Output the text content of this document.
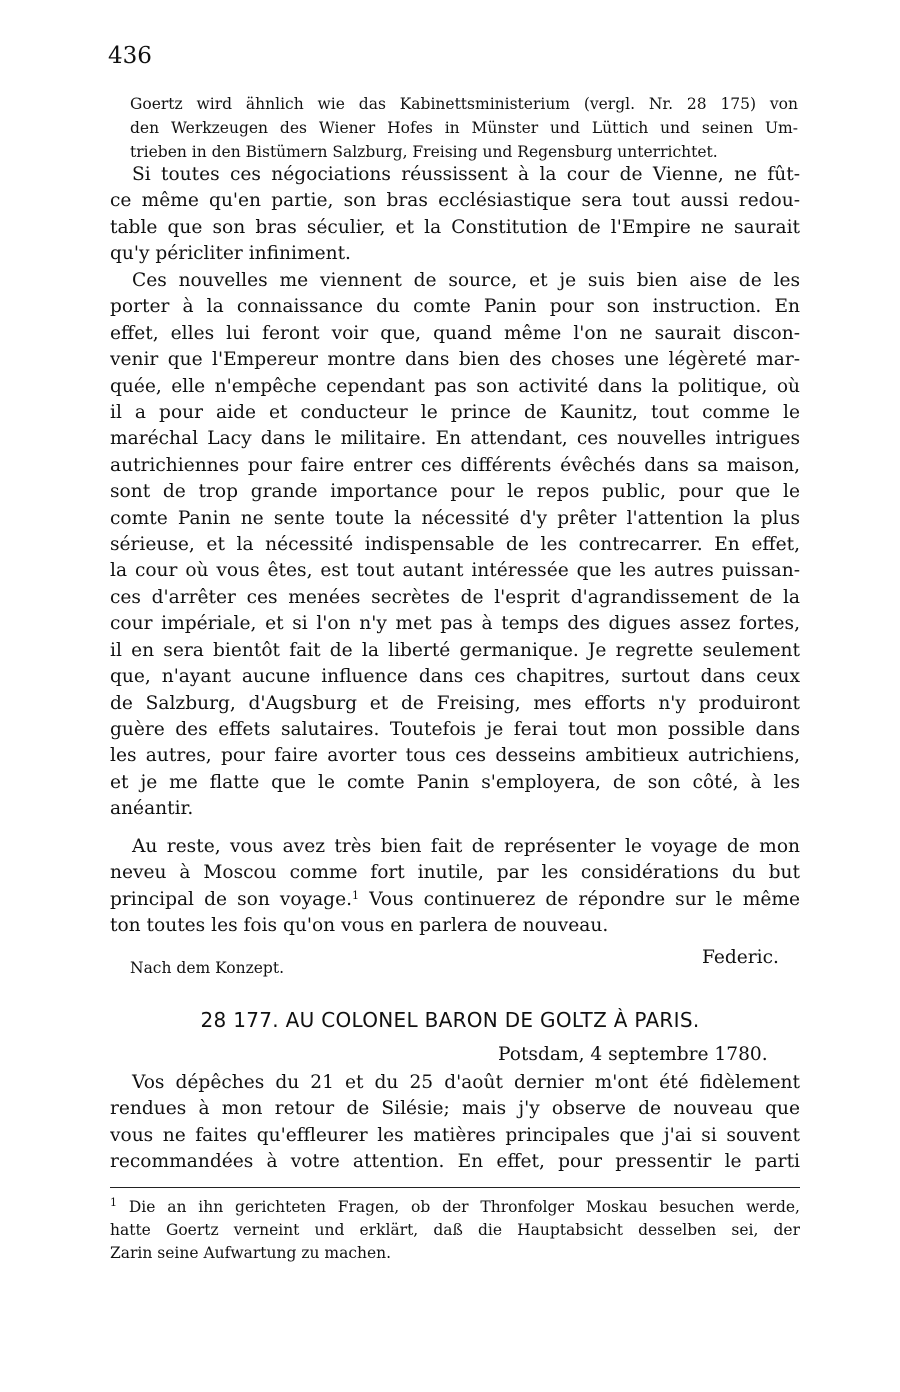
436
Goertz wird ähnlich wie das Kabinettsministerium (vergl. Nr. 28 175) von
den Werkzeugen des Wiener Hofes in Münster und Lüttich und seinen Um-
trieben in den Bistümern Salzburg, Freising und Regensburg unterrichtet.
Si toutes ces négociations réussissent à la cour de Vienne, ne fût-
ce même qu'en partie, son bras ecclésiastique sera tout aussi redou-
table que son bras séculier, et la Constitution de l'Empire ne saurait
qu'y péricliter infiniment.
Ces nouvelles me viennent de source, et je suis bien aise de les
porter à la connaissance du comte Panin pour son instruction. En
effet, elles lui feront voir que, quand même l'on ne saurait discon-
venir que l'Empereur montre dans bien des choses une légèreté mar-
quée, elle n'empêche cependant pas son activité dans la politique, où
il a pour aide et conducteur le prince de Kaunitz, tout comme le
maréchal Lacy dans le militaire. En attendant, ces nouvelles intrigues
autrichiennes pour faire entrer ces différents évêchés dans sa maison,
sont de trop grande importance pour le repos public, pour que le
comte Panin ne sente toute la nécessité d'y prêter l'attention la plus
sérieuse, et la nécessité indispensable de les contrecarrer. En effet,
la cour où vous êtes, est tout autant intéressée que les autres puissan-
ces d'arrêter ces menées secrètes de l'esprit d'agrandissement de la
cour impériale, et si l'on n'y met pas à temps des digues assez fortes,
il en sera bientôt fait de la liberté germanique. Je regrette seulement
que, n'ayant aucune influence dans ces chapitres, surtout dans ceux
de Salzburg, d'Augsburg et de Freising, mes efforts n'y produiront
guère des effets salutaires. Toutefois je ferai tout mon possible dans
les autres, pour faire avorter tous ces desseins ambitieux autrichiens,
et je me flatte que le comte Panin s'employera, de son côté, à les
anéantir.
Au reste, vous avez très bien fait de représenter le voyage de mon
neveu à Moscou comme fort inutile, par les considérations du but
principal de son voyage.$^1$ Vous continuerez de répondre sur le même
ton toutes les fois qu'on vous en parlera de nouveau.
Federic.
Nach dem Konzept.
28 177. AU COLONEL BARON DE GOLTZ À PARIS.
Potsdam, 4 septembre 1780.
Vos dépêches du 21 et du 25 d'août dernier m'ont été fidèlement
rendues à mon retour de Silésie; mais j'y observe de nouveau que
vous ne faites qu'effleurer les matières principales que j'ai si souvent
recommandées à votre attention. En effet, pour pressentir le parti
$^1$ Die an ihn gerichteten Fragen, ob der Thronfolger Moskau besuchen werde,
hatte Goertz verneint und erklärt, daß die Hauptabsicht desselben sei, der
Zarin seine Aufwartung zu machen.
